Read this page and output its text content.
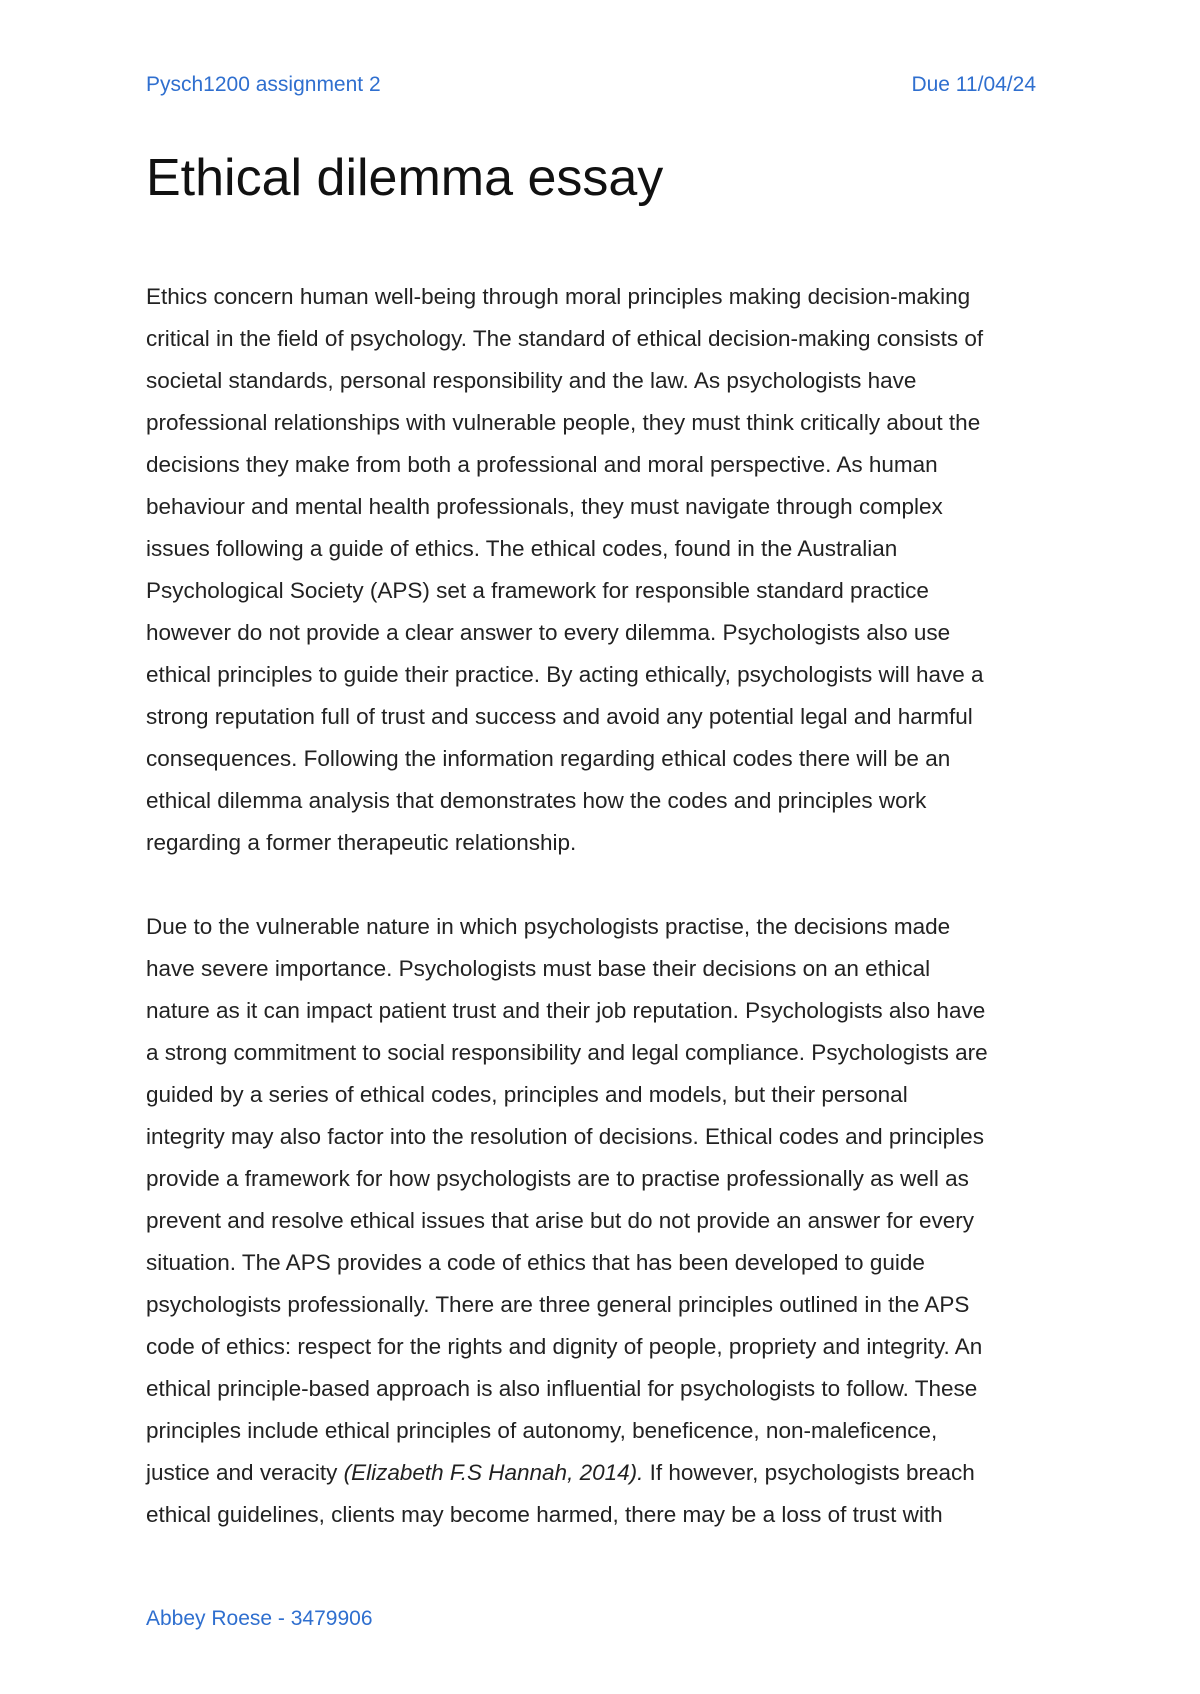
Pysch1200 assignment 2	Due 11/04/24
Ethical dilemma essay
Ethics concern human well-being through moral principles making decision-making
critical in the field of psychology. The standard of ethical decision-making consists of
societal standards, personal responsibility and the law. As psychologists have
professional relationships with vulnerable people, they must think critically about the
decisions they make from both a professional and moral perspective. As human
behaviour and mental health professionals, they must navigate through complex
issues following a guide of ethics. The ethical codes, found in the Australian
Psychological Society (APS) set a framework for responsible standard practice
however do not provide a clear answer to every dilemma. Psychologists also use
ethical principles to guide their practice. By acting ethically, psychologists will have a
strong reputation full of trust and success and avoid any potential legal and harmful
consequences. Following the information regarding ethical codes there will be an
ethical dilemma analysis that demonstrates how the codes and principles work
regarding a former therapeutic relationship.
Due to the vulnerable nature in which psychologists practise, the decisions made
have severe importance. Psychologists must base their decisions on an ethical
nature as it can impact patient trust and their job reputation. Psychologists also have
a strong commitment to social responsibility and legal compliance. Psychologists are
guided by a series of ethical codes, principles and models, but their personal
integrity may also factor into the resolution of decisions. Ethical codes and principles
provide a framework for how psychologists are to practise professionally as well as
prevent and resolve ethical issues that arise but do not provide an answer for every
situation. The APS provides a code of ethics that has been developed to guide
psychologists professionally. There are three general principles outlined in the APS
code of ethics: respect for the rights and dignity of people, propriety and integrity. An
ethical principle-based approach is also influential for psychologists to follow. These
principles include ethical principles of autonomy, beneficence, non-maleficence,
justice and veracity (Elizabeth F.S Hannah, 2014). If however, psychologists breach
ethical guidelines, clients may become harmed, there may be a loss of trust with
Abbey Roese - 3479906
